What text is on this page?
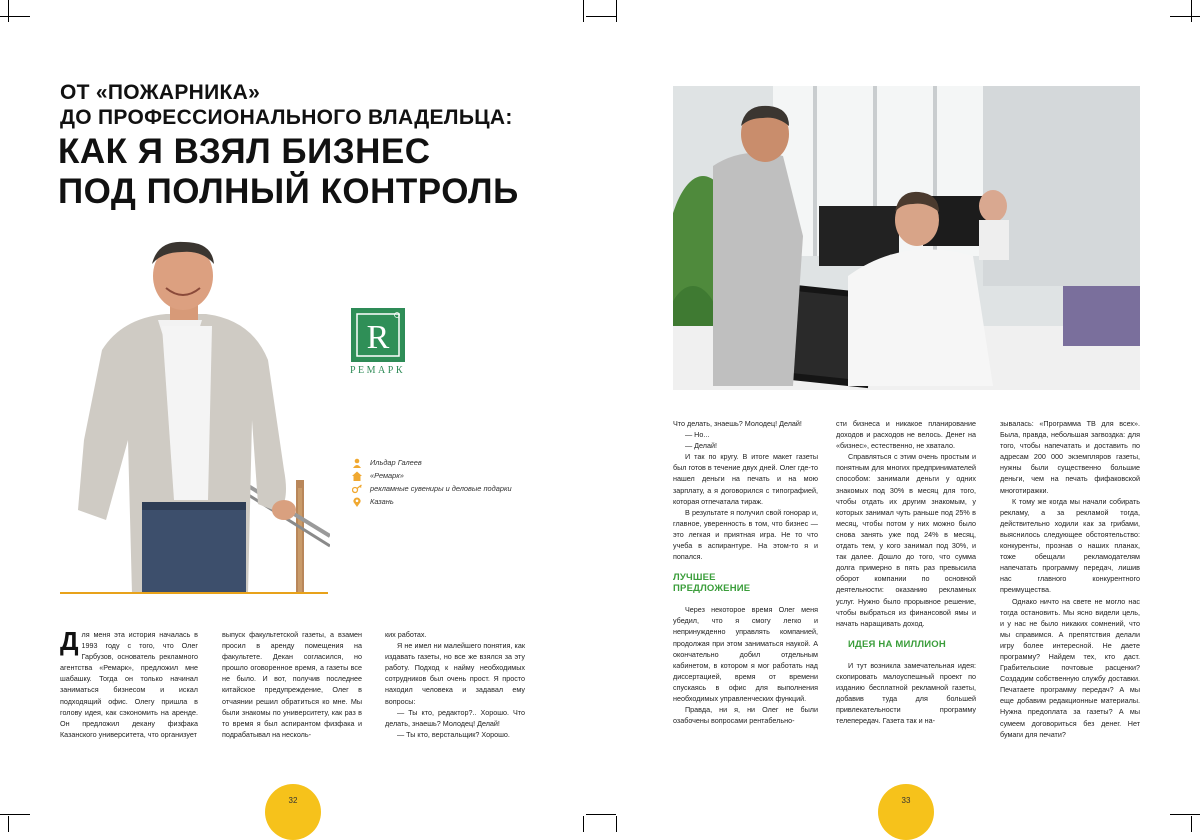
ОТ «ПОЖАРНИКА»
ДО ПРОФЕССИОНАЛЬНОГО ВЛАДЕЛЬЦА:
КАК Я ВЗЯЛ БИЗНЕС
ПОД ПОЛНЫЙ КОНТРОЛЬ
R
РЕМАРК
Ильдар Галеев
«Ремарк»
рекламные сувениры и деловые подарки
Казань

Для меня эта история началась в 1993 году с того, что Олег Гарбузов, основатель рекламного агентства «Ремарк», предложил мне шабашку. Тогда он только начинал заниматься бизнесом и искал подходящий офис. Олегу пришла в голову идея, как сэкономить на аренде. Он предложил декану физфака Казанского университета, что организует

выпуск факультетской газеты, а взамен просил в аренду помещения на факультете. Декан согласился, но прошло оговоренное время, а газеты все не было. И вот, получив последнее китайское предупреждение, Олег в отчаянии решил обратиться ко мне. Мы были знакомы по университету, как раз в то время я был аспирантом физфака и подрабатывал на несколь-

ких работах.

Я не имел ни малейшего понятия, как издавать газеты, но все же взялся за эту работу. Подход к найму необходимых сотрудников был очень прост. Я просто находил человека и задавал ему вопросы:

— Ты кто, редактор?.. Хорошо. Что делать, знаешь? Молодец! Делай!

— Ты кто, верстальщик? Хорошо.

32	33

Что делать, знаешь? Молодец! Делай!

— Но...

— Делай!

И так по кругу. В итоге макет газеты был готов в течение двух дней. Олег где-то нашел деньги на печать и на мою зарплату, а я договорился с типографией, которая отпечатала тираж.

В результате я получил свой гонорар и, главное, уверенность в том, что бизнес — это легкая и приятная игра. Не то что учеба в аспирантуре. На этом-то я и попался.

ЛУЧШЕЕ
ПРЕДЛОЖЕНИЕ

Через некоторое время Олег меня убедил, что я смогу легко и непринужденно управлять компанией, продолжая при этом заниматься наукой. А окончательно добил отдельным кабинетом, в котором я мог работать над диссертацией, время от времени спускаясь в офис для выполнения необходимых управленческих функций.

Правда, ни я, ни Олег не были озабочены вопросами рентабельно-

сти бизнеса и никакое планирование доходов и расходов не велось. Денег на «бизнес», естественно, не хватало.

Справляться с этим очень простым и понятным для многих предпринимателей способом: занимали деньги у одних знакомых под 30% в месяц для того, чтобы отдать их другим знакомым, у которых занимал чуть раньше под 25% в месяц, чтобы потом у них можно было снова занять уже под 24% в месяц, отдать тем, у кого занимал под 30%, и так далее. Дошло до того, что сумма долга примерно в пять раз превысила оборот компании по основной деятельности: оказанию рекламных услуг. Нужно было прорывное решение, чтобы выбраться из финансовой ямы и начать наращивать доход.

ИДЕЯ НА МИЛЛИОН

И тут возникла замечательная идея: скопировать малоуспешный проект по изданию бесплатной рекламной газеты, добавив туда для большей привлекательности программу телепередач. Газета так и на-

зывалась: «Программа ТВ для всех». Была, правда, небольшая загвоздка: для того, чтобы напечатать и доставить по адресам 200 000 экземпляров газеты, нужны были существенно большие деньги, чем на печать фифаковской многотиражки.

К тому же когда мы начали собирать рекламу, а за рекламой тогда, действительно ходили как за грибами, выяснилось следующее обстоятельство: конкуренты, прознав о наших планах, тоже обещали рекламодателям напечатать программу передач, лишив нас главного конкурентного преимущества.

Однако ничто на свете не могло нас тогда остановить. Мы ясно видели цель, и у нас не было никаких сомнений, что мы справимся. А препятствия делали игру более интересной. Не даете программу? Найдем тех, кто даст. Грабительские почтовые расценки? Создадим собственную службу доставки. Печатаете программу передач? А мы еще добавим редакционные материалы. Нужна предоплата за газеты? А мы сумеем договориться без денег. Нет бумаги для печати?
